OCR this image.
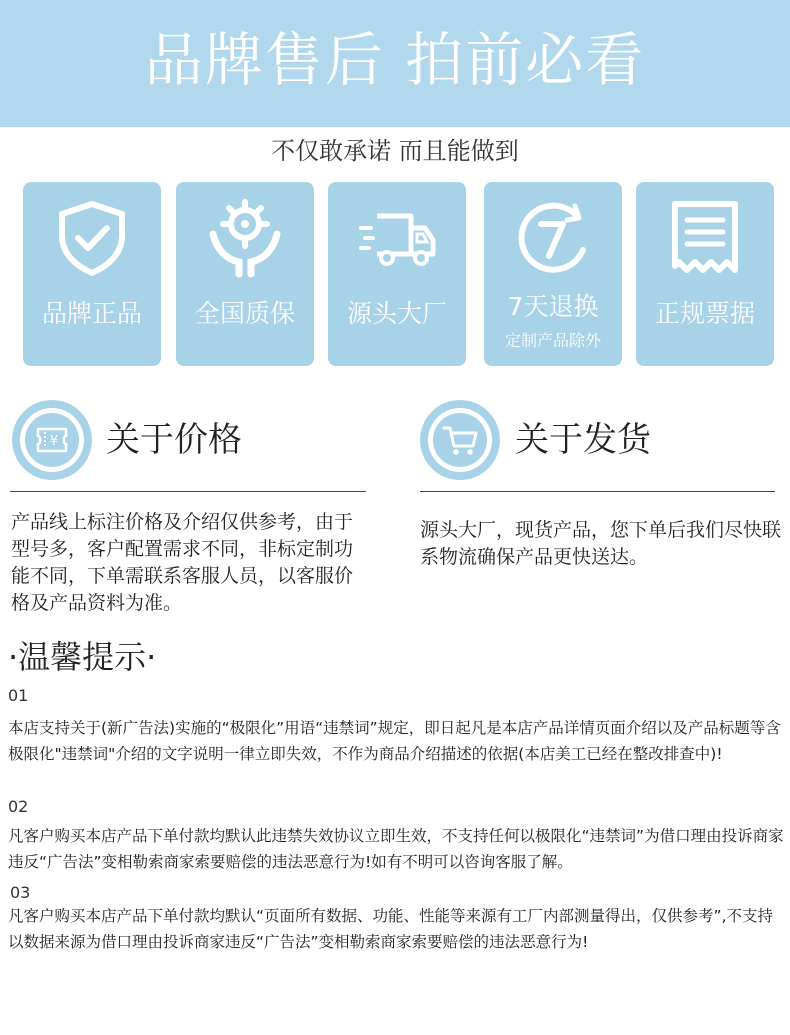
品牌售后 拍前必看
不仅敢承诺 而且能做到
品牌正品	全国质保	源头大厂	7天退换
定制产品除外
正规票据
¥ 关于价格
产品线上标注价格及介绍仅供参考，由于型号多，客户配置需求不同，非标定制功能不同，下单需联系客服人员，以客服价格及产品资料为准。
关于发货
源头大厂，现货产品，您下单后我们尽快联系物流确保产品更快送达。
·温馨提示·
01
本店支持关于(新广告法)实施的“极限化”用语“违禁词”规定，即日起凡是本店产品详情页面介绍以及产品标题等含极限化"违禁词"介绍的文字说明一律立即失效，不作为商品介绍描述的依据(本店美工已经在整改排查中)!
02
凡客户购买本店产品下单付款均默认此违禁失效协议立即生效，不支持任何以极限化“违禁词”为借口理由投诉商家违反“广告法”变相勒索商家索要赔偿的违法恶意行为!如有不明可以咨询客服了解。
03
凡客户购买本店产品下单付款均默认“页面所有数据、功能、性能等来源有工厂内部测量得出，仅供参考”,不支持以数据来源为借口理由投诉商家违反“广告法”变相勒索商家索要赔偿的违法恶意行为!
